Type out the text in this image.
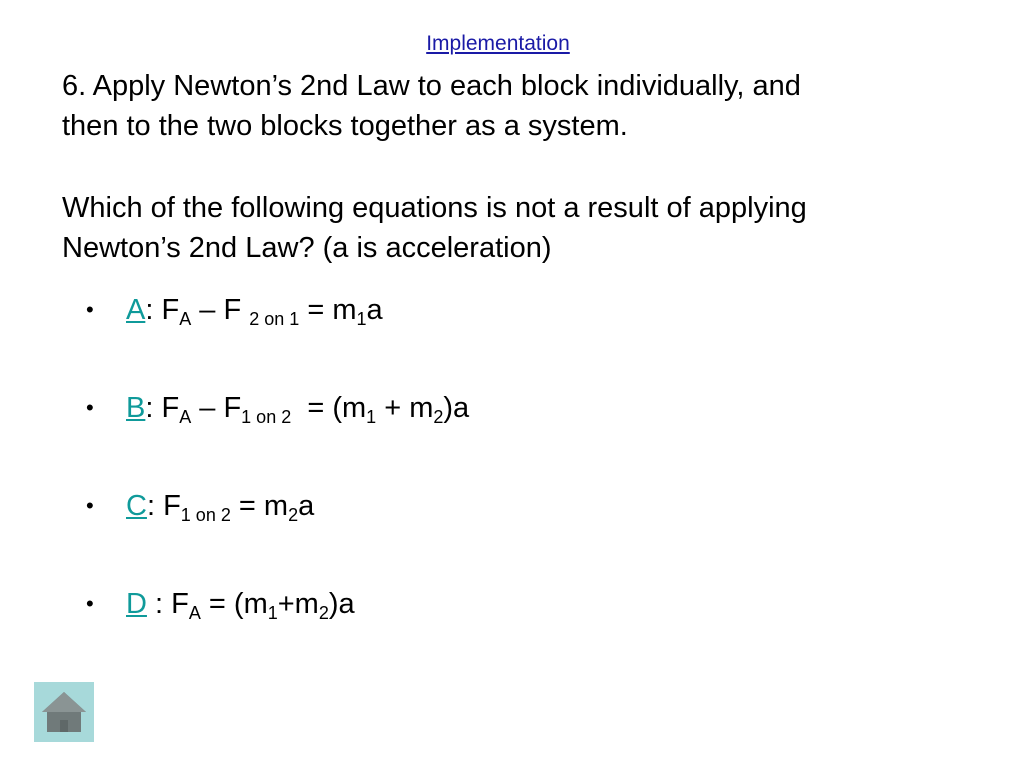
Implementation

6. Apply Newton’s 2nd Law to each block individually, and

then to the two blocks together as a system.

Which of the following equations is not a result of applying

Newton’s 2nd Law? (a is acceleration)

• A: $F_A$ – F $_{2 on 1} = m_1a$
• B: $F_A - F_{1 on 2} = (m_1 + m_2)a$
• C: $F_{1 on 2} = m_2a$
• D : $F_A = (m_1+m_2)a$
